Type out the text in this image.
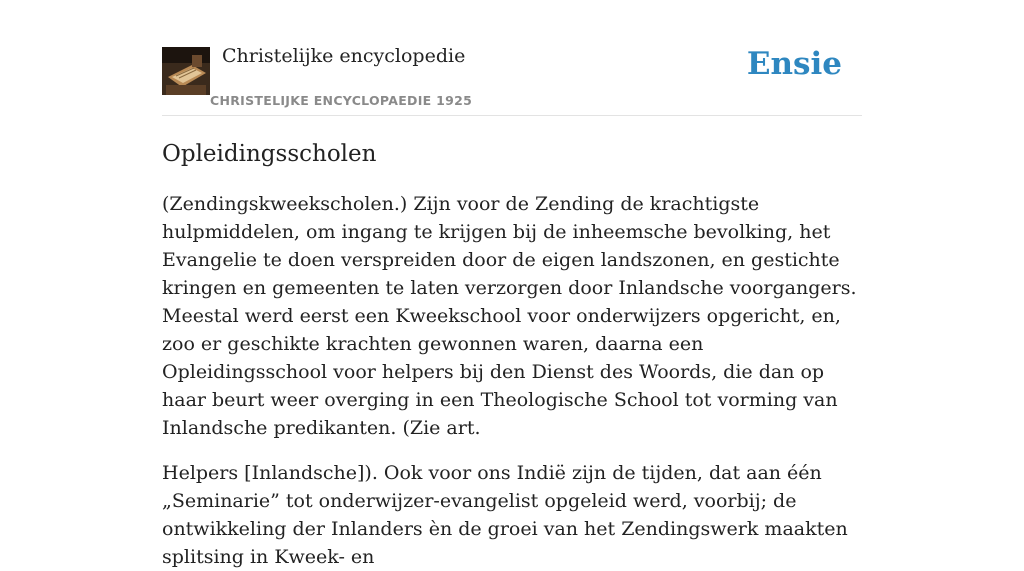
Christelijke encyclopedie
CHRISTELIJKE ENCYCLOPAEDIE 1925
Ensie
Opleidingsscholen

(Zendingskweekscholen.) Zijn voor de Zending de krachtigste hulpmiddelen, om ingang te krijgen bij de inheemsche bevolking, het Evangelie te doen verspreiden door de eigen landszonen, en gestichte kringen en gemeenten te laten verzorgen door Inlandsche voorgangers. Meestal werd eerst een Kweekschool voor onderwijzers opgericht, en, zoo er geschikte krachten gewonnen waren, daarna een Opleidingsschool voor helpers bij den Dienst des Woords, die dan op haar beurt weer overging in een Theologische School tot vorming van Inlandsche predikanten. (Zie art.

Helpers [Inlandsche]). Ook voor ons Indië zijn de tijden, dat aan één „Seminarie” tot onderwijzer-evangelist opgeleid werd, voorbij; de ontwikkeling der Inlanders èn de groei van het Zendingswerk maakten splitsing in Kweek- en
